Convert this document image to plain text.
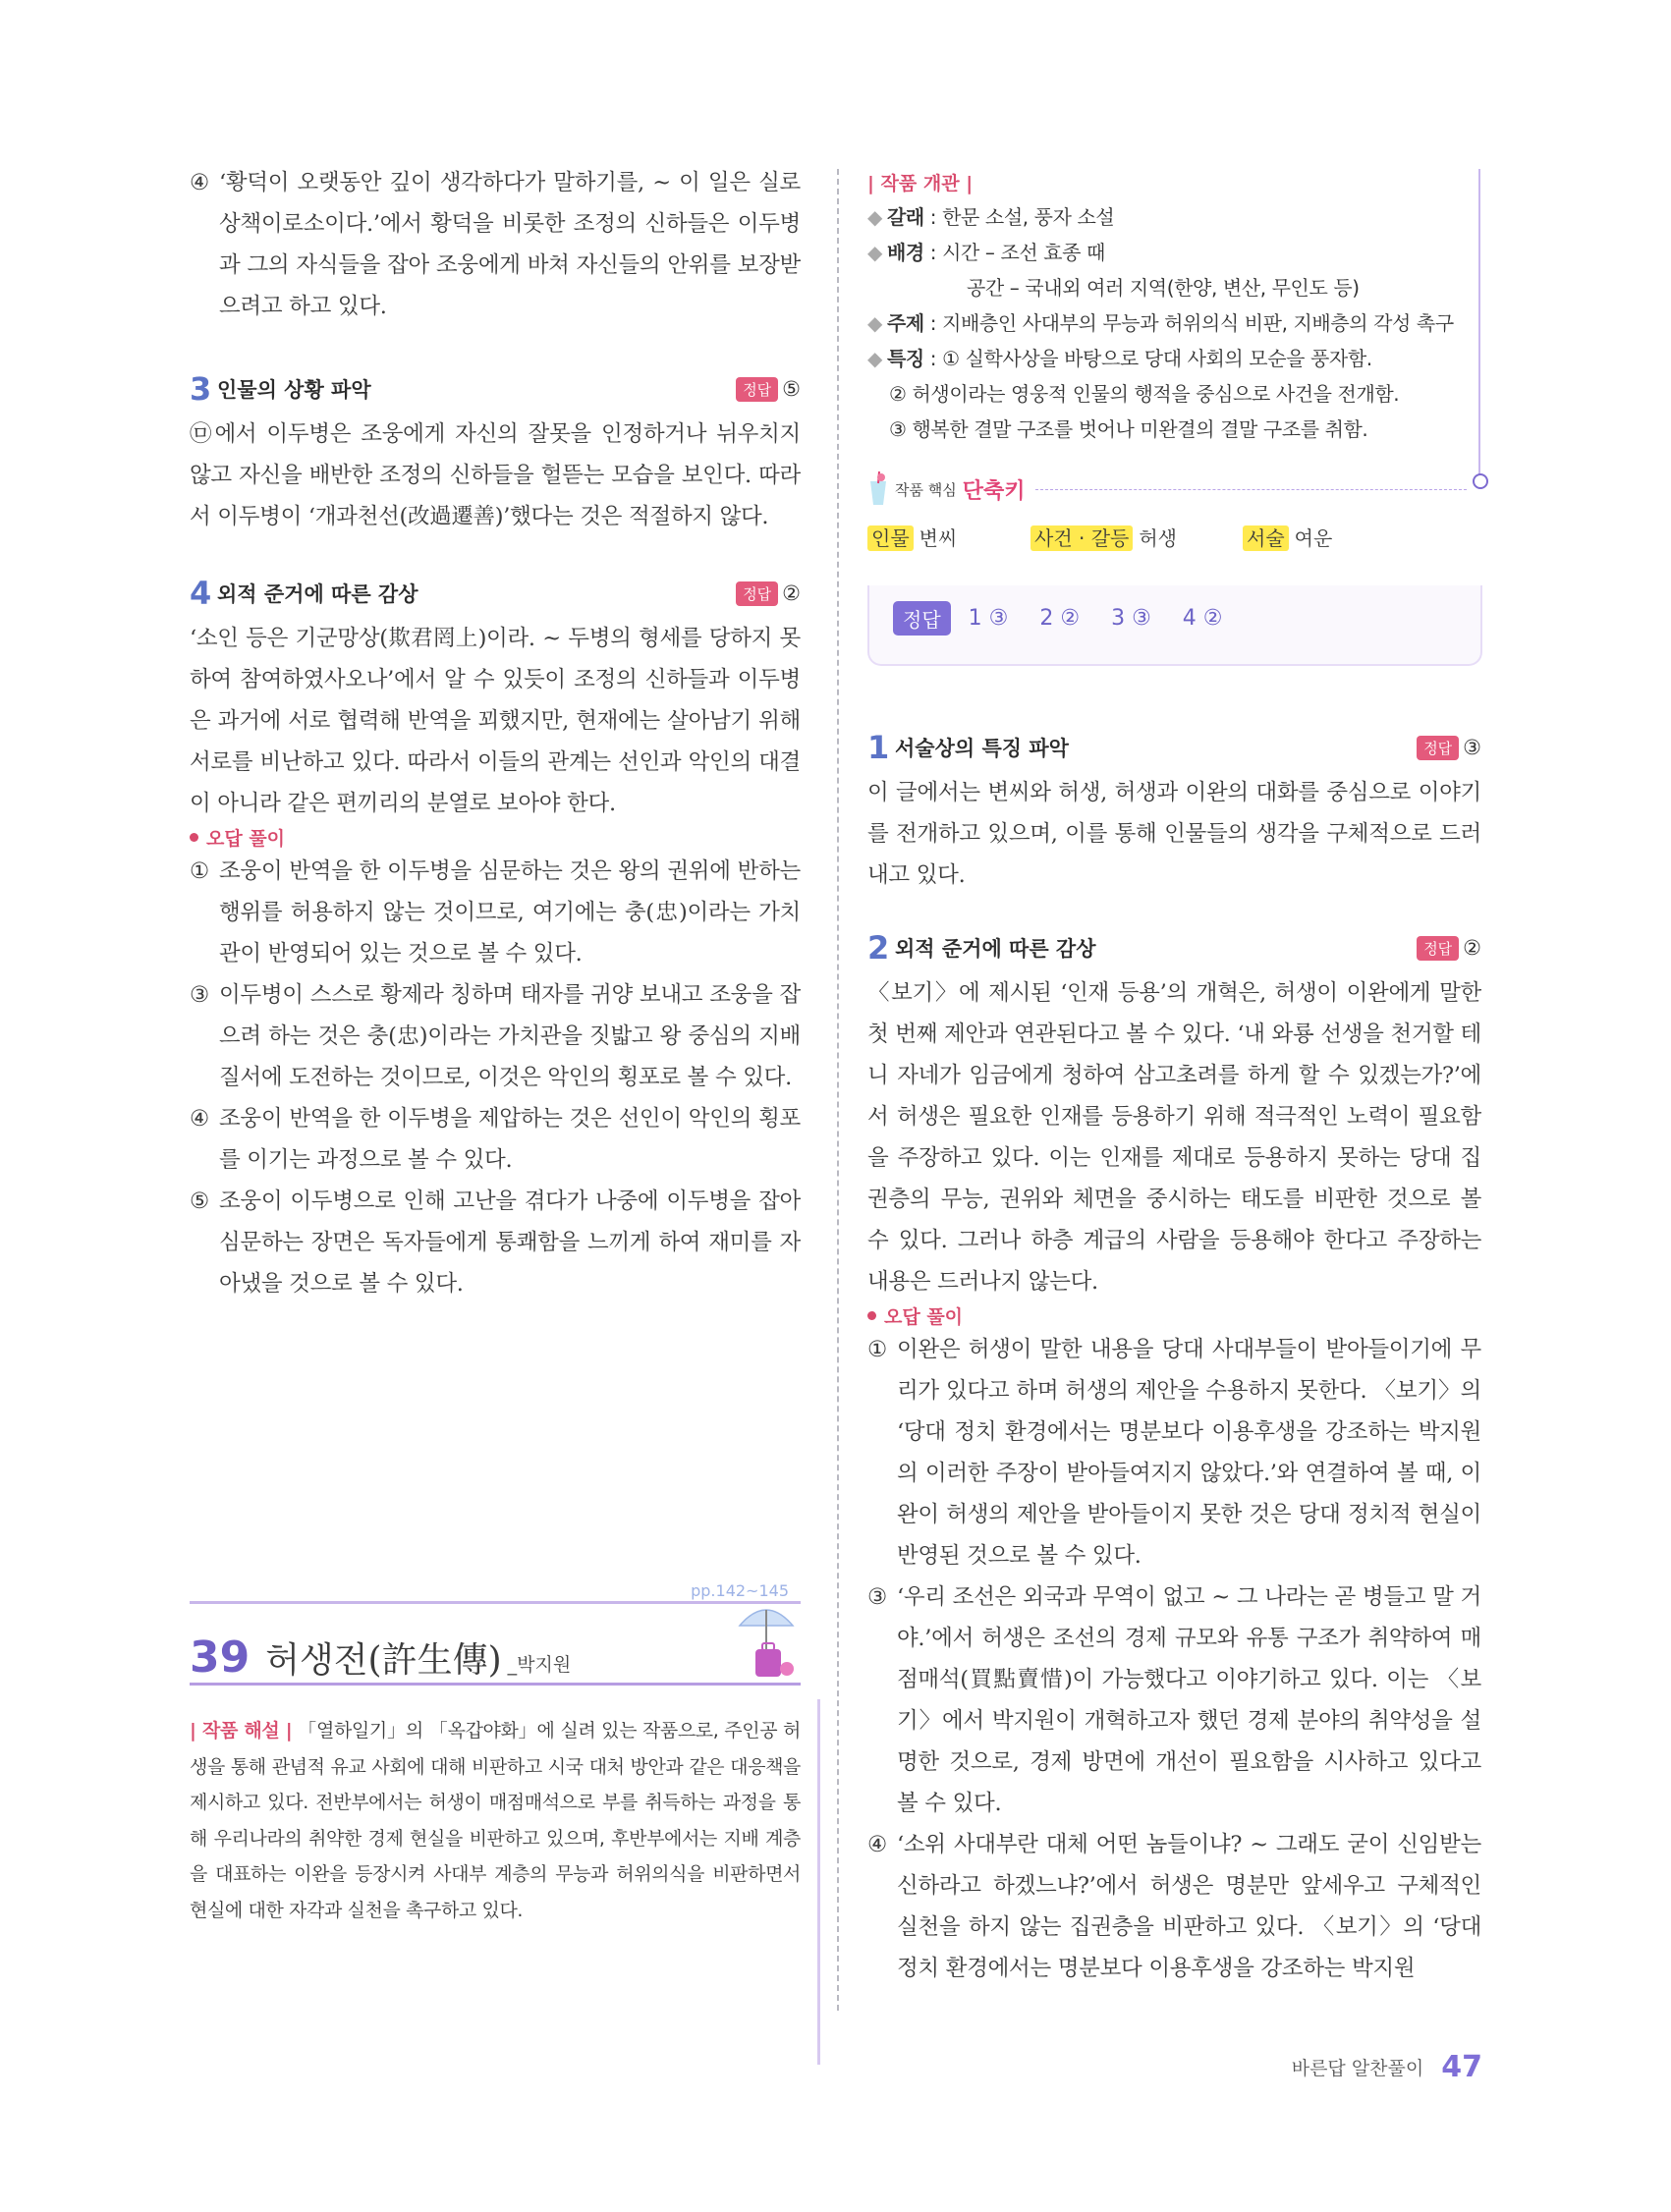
④ ‘황덕이 오랫동안 깊이 생각하다가 말하기를, ~ 이 일은 실로 상책이로소이다.’에서 황덕을 비롯한 조정의 신하들은 이두병과 그의 자식들을 잡아 조웅에게 바쳐 자신들의 안위를 보장받으려고 하고 있다.
3 인물의 상황 파악	정답 ⑤

㉤에서 이두병은 조웅에게 자신의 잘못을 인정하거나 뉘우치지 않고 자신을 배반한 조정의 신하들을 헐뜯는 모습을 보인다. 따라서 이두병이 ‘개과천선(改過遷善)’했다는 것은 적절하지 않다.

4 외적 준거에 따른 감상	정답 ②

‘소인 등은 기군망상(欺君罔上)이라. ~ 두병의 형세를 당하지 못하여 참여하였사오나’에서 알 수 있듯이 조정의 신하들과 이두병은 과거에 서로 협력해 반역을 꾀했지만, 현재에는 살아남기 위해 서로를 비난하고 있다. 따라서 이들의 관계는 선인과 악인의 대결이 아니라 같은 편끼리의 분열로 보아야 한다.

오답 풀이
① 조웅이 반역을 한 이두병을 심문하는 것은 왕의 권위에 반하는 행위를 허용하지 않는 것이므로, 여기에는 충(忠)이라는 가치관이 반영되어 있는 것으로 볼 수 있다.
③ 이두병이 스스로 황제라 칭하며 태자를 귀양 보내고 조웅을 잡으려 하는 것은 충(忠)이라는 가치관을 짓밟고 왕 중심의 지배 질서에 도전하는 것이므로, 이것은 악인의 횡포로 볼 수 있다.
④ 조웅이 반역을 한 이두병을 제압하는 것은 선인이 악인의 횡포를 이기는 과정으로 볼 수 있다.
⑤ 조웅이 이두병으로 인해 고난을 겪다가 나중에 이두병을 잡아 심문하는 장면은 독자들에게 통쾌함을 느끼게 하여 재미를 자아냈을 것으로 볼 수 있다.
pp.142~145
39 허생전(許生傳) _박지원
| 작품 해설 | 「열하일기」의 「옥갑야화」에 실려 있는 작품으로, 주인공 허생을 통해 관념적 유교 사회에 대해 비판하고 시국 대처 방안과 같은 대응책을 제시하고 있다. 전반부에서는 허생이 매점매석으로 부를 취득하는 과정을 통해 우리나라의 취약한 경제 현실을 비판하고 있으며, 후반부에서는 지배 계층을 대표하는 이완을 등장시켜 사대부 계층의 무능과 허위의식을 비판하면서 현실에 대한 자각과 실천을 촉구하고 있다.
| 작품 개관 |
◆ 갈래 : 한문 소설, 풍자 소설
◆ 배경 : 시간 – 조선 효종 때
공간 – 국내외 여러 지역(한양, 변산, 무인도 등)
◆ 주제 : 지배층인 사대부의 무능과 허위의식 비판, 지배층의 각성 촉구
◆ 특징 : ① 실학사상을 바탕으로 당대 사회의 모순을 풍자함.
② 허생이라는 영웅적 인물의 행적을 중심으로 사건을 전개함.
③ 행복한 결말 구조를 벗어나 미완결의 결말 구조를 취함.
작품 핵심 단축키
인물 변씨	사건 · 갈등 허생	서술 여운
정답	1 ③ 2 ② 3 ③ 4 ②
1 서술상의 특징 파악	정답 ③

이 글에서는 변씨와 허생, 허생과 이완의 대화를 중심으로 이야기를 전개하고 있으며, 이를 통해 인물들의 생각을 구체적으로 드러내고 있다.

2 외적 준거에 따른 감상	정답 ②

〈보기〉에 제시된 ‘인재 등용’의 개혁은, 허생이 이완에게 말한 첫 번째 제안과 연관된다고 볼 수 있다. ‘내 와룡 선생을 천거할 테니 자네가 임금에게 청하여 삼고초려를 하게 할 수 있겠는가?’에서 허생은 필요한 인재를 등용하기 위해 적극적인 노력이 필요함을 주장하고 있다. 이는 인재를 제대로 등용하지 못하는 당대 집권층의 무능, 권위와 체면을 중시하는 태도를 비판한 것으로 볼 수 있다. 그러나 하층 계급의 사람을 등용해야 한다고 주장하는 내용은 드러나지 않는다.

오답 풀이
① 이완은 허생이 말한 내용을 당대 사대부들이 받아들이기에 무리가 있다고 하며 허생의 제안을 수용하지 못한다. 〈보기〉의 ‘당대 정치 환경에서는 명분보다 이용후생을 강조하는 박지원의 이러한 주장이 받아들여지지 않았다.’와 연결하여 볼 때, 이완이 허생의 제안을 받아들이지 못한 것은 당대 정치적 현실이 반영된 것으로 볼 수 있다.
③ ‘우리 조선은 외국과 무역이 없고 ~ 그 나라는 곧 병들고 말 거야.’에서 허생은 조선의 경제 규모와 유통 구조가 취약하여 매점매석(買點賣惜)이 가능했다고 이야기하고 있다. 이는 〈보기〉에서 박지원이 개혁하고자 했던 경제 분야의 취약성을 설명한 것으로, 경제 방면에 개선이 필요함을 시사하고 있다고 볼 수 있다.
④ ‘소위 사대부란 대체 어떤 놈들이냐? ~ 그래도 굳이 신임받는 신하라고 하겠느냐?’에서 허생은 명분만 앞세우고 구체적인 실천을 하지 않는 집권층을 비판하고 있다. 〈보기〉의 ‘당대 정치 환경에서는 명분보다 이용후생을 강조하는 박지원
바른답 알찬풀이 47
